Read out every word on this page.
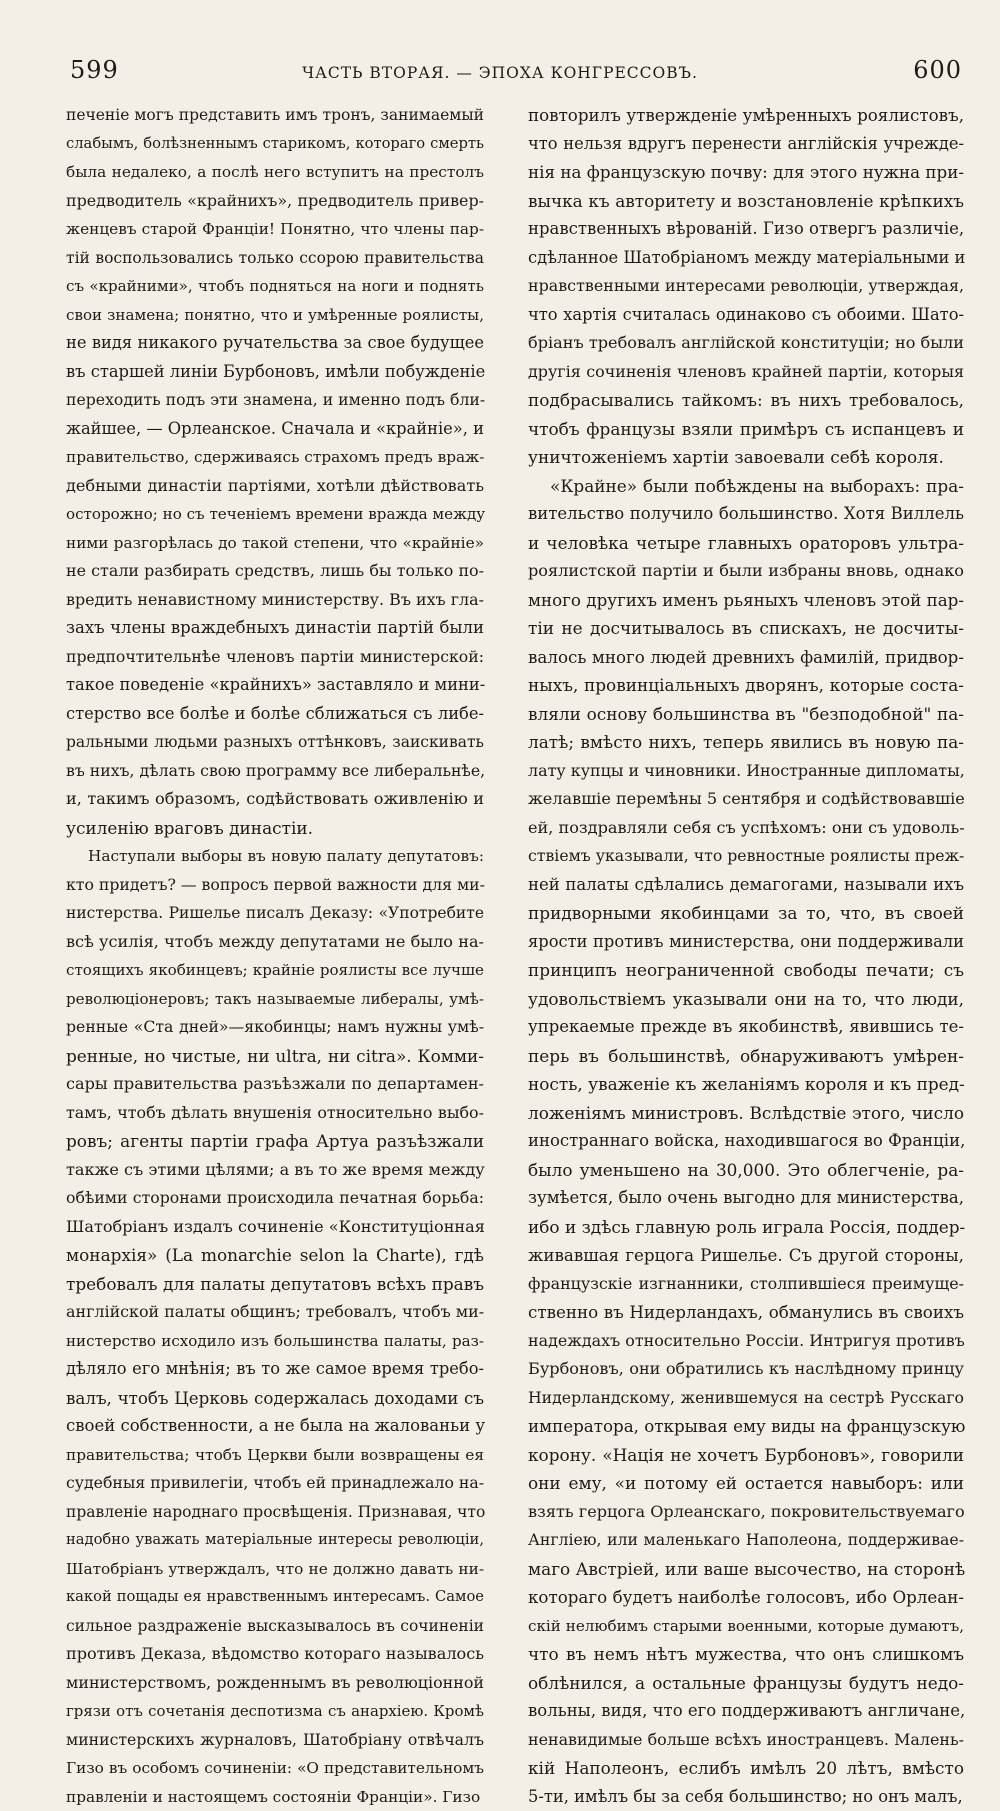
599	ЧАСТЬ ВТОРАЯ. — ЭПОХА КОНГРЕССОВЪ.	600
печенiе могъ представить имъ тронъ, занимаемый
слабымъ, болѣзненнымъ старикомъ, котораго смерть
была недалеко, а послѣ него вступитъ на престолъ
предводитель «крайнихъ», предводитель привер-
женцевъ старой Францiи! Понятно, что члены пар-
тiй воспользовались только ссорою правительства
съ «крайними», чтобъ подняться на ноги и поднять
свои знамена; понятно, что и умѣренные роялисты,
не видя никакого ручательства за свое будущее
въ старшей линiи Бурбоновъ, имѣли побужденiе
переходить подъ эти знамена, и именно подъ бли-
жайшее, — Орлеанское. Сначала и «крайнiе», и
правительство, сдерживаясь страхомъ предъ враж-
дебными династiи партiями, хотѣли дѣйствовать
осторожно; но съ теченiемъ времени вражда между
ними разгорѣлась до такой степени, что «крайнiе»
не стали разбирать средствъ, лишь бы только по-
вредить ненавистному министерству. Въ ихъ гла-
захъ члены враждебныхъ династiи партiй были
предпочтительнѣе членовъ партiи министерской:
такое поведенiе «крайнихъ» заставляло и мини-
стерство все болѣе и болѣе сближаться съ либе-
ральными людьми разныхъ оттѣнковъ, заискивать
въ нихъ, дѣлать свою программу все либеральнѣе,
и, такимъ образомъ, содѣйствовать оживленiю и
усиленiю враговъ династiи.
Наступали выборы въ новую палату депутатовъ:
кто придетъ? — вопросъ первой важности для ми-
нистерства. Ришелье писалъ Деказу: «Употребите
всѣ усилiя, чтобъ между депутатами не было на-
стоящихъ якобинцевъ; крайнiе роялисты все лучше
революцiонеровъ; такъ называемые либералы, умѣ-
ренные «Ста дней»—якобинцы; намъ нужны умѣ-
ренные, но чистые, ни ultra, ни citra». Комми-
сары правительства разъѣзжали по департамен-
тамъ, чтобъ дѣлать внушенiя относительно выбо-
ровъ; агенты партiи графа Артуа разъѣзжали
также съ этими цѣлями; а въ то же время между
обѣими сторонами происходила печатная борьба:
Шатобрiанъ издалъ сочиненiе «Конституцiонная
монархiя» (La monarchie selon la Charte), гдѣ
требовалъ для палаты депутатовъ всѣхъ правъ
англiйской палаты общинъ; требовалъ, чтобъ ми-
нистерство исходило изъ большинства палаты, раз-
дѣляло его мнѣнiя; въ то же самое время требо-
валъ, чтобъ Церковь содержалась доходами съ
своей собственности, а не была на жалованьи у
правительства; чтобъ Церкви были возвращены ея
судебныя привилегiи, чтобъ ей принадлежало на-
правленiе народнаго просвѣщенiя. Признавая, что
надобно уважать матерiальные интересы революцiи,
Шатобрiанъ утверждалъ, что не должно давать ни-
какой пощады ея нравственнымъ интересамъ. Самое
сильное раздраженiе высказывалось въ сочиненiи
противъ Деказа, вѣдомство котораго называлось
министерствомъ, рожденнымъ въ революцiонной
грязи отъ сочетанiя деспотизма съ анархiею. Кромѣ
министерскихъ журналовъ, Шатобрiану отвѣчалъ
Гизо въ особомъ сочиненiи: «О представительномъ
правленiи и настоящемъ состоянiи Францiи». Гизо
повторилъ утвержденiе умѣренныхъ роялистовъ,
что нельзя вдругъ перенести англiйскiя учрежде-
нiя на французскую почву: для этого нужна при-
вычка къ авторитету и возстановленiе крѣпкихъ
нравственныхъ вѣрованiй. Гизо отвергъ различiе,
сдѣланное Шатобрiаномъ между матерiальными и
нравственными интересами революцiи, утверждая,
что хартiя считалась одинаково съ обоими. Шато-
брiанъ требовалъ англiйской конституцiи; но были
другiя сочиненiя членовъ крайней партiи, которыя
подбрасывались тайкомъ: въ нихъ требовалось,
чтобъ французы взяли примѣръ съ испанцевъ и
уничтоженiемъ хартiи завоевали себѣ короля.
«Крайне» были побѣждены на выборахъ: пра-
вительство получило большинство. Хотя Виллель
и человѣка четыре главныхъ ораторовъ ультра-
роялистской партiи и были избраны вновь, однако
много другихъ именъ рьяныхъ членовъ этой пар-
тiи не досчитывалось въ спискахъ, не досчиты-
валось много людей древнихъ фамилiй, придвор-
ныхъ, провинцiальныхъ дворянъ, которые соста-
вляли основу большинства въ "безподобной" па-
латѣ; вмѣсто нихъ, теперь явились въ новую па-
лату купцы и чиновники. Иностранные дипломаты,
желавшiе перемѣны 5 сентября и содѣйствовавшiе
ей, поздравляли себя съ успѣхомъ: они съ удоволь-
ствiемъ указывали, что ревностные роялисты преж-
ней палаты сдѣлались демагогами, называли ихъ
придворными якобинцами за то, что, въ своей
ярости противъ министерства, они поддерживали
принципъ неограниченной свободы печати; съ
удовольствiемъ указывали они на то, что люди,
упрекаемые прежде въ якобинствѣ, явившись те-
перь въ большинствѣ, обнаруживаютъ умѣрен-
ность, уваженiе къ желанiямъ короля и къ пред-
ложенiямъ министровъ. Вслѣдствiе этого, число
иностраннаго войска, находившагося во Францiи,
было уменьшено на 30,000. Это облегченiе, ра-
зумѣется, было очень выгодно для министерства,
ибо и здѣсь главную роль играла Россiя, поддер-
живавшая герцога Ришелье. Съ другой стороны,
французскiе изгнанники, столпившiеся преимуще-
ственно въ Нидерландахъ, обманулись въ своихъ
надеждахъ относительно Россiи. Интригуя противъ
Бурбоновъ, они обратились къ наслѣдному принцу
Нидерландскому, женившемуся на сестрѣ Русскаго
императора, открывая ему виды на французскую
корону. «Нацiя не хочетъ Бурбоновъ», говорили
они ему, «и потому ей остается навыборъ: или
взять герцога Орлеанскаго, покровительствуемаго
Англiею, или маленькаго Наполеона, поддерживае-
маго Австрiей, или ваше высочество, на сторонѣ
котораго будетъ наиболѣе голосовъ, ибо Орлеан-
скiй нелюбимъ старыми военными, которые думаютъ,
что въ немъ нѣтъ мужества, что онъ слишкомъ
облѣнился, а остальные французы будутъ недо-
вольны, видя, что его поддерживаютъ англичане,
ненавидимые больше всѣхъ иностранцевъ. Малень-
кiй Наполеонъ, еслибъ имѣлъ 20 лѣтъ, вмѣсто
5-ти, имѣлъ бы за себя большинство; но онъ малъ,
